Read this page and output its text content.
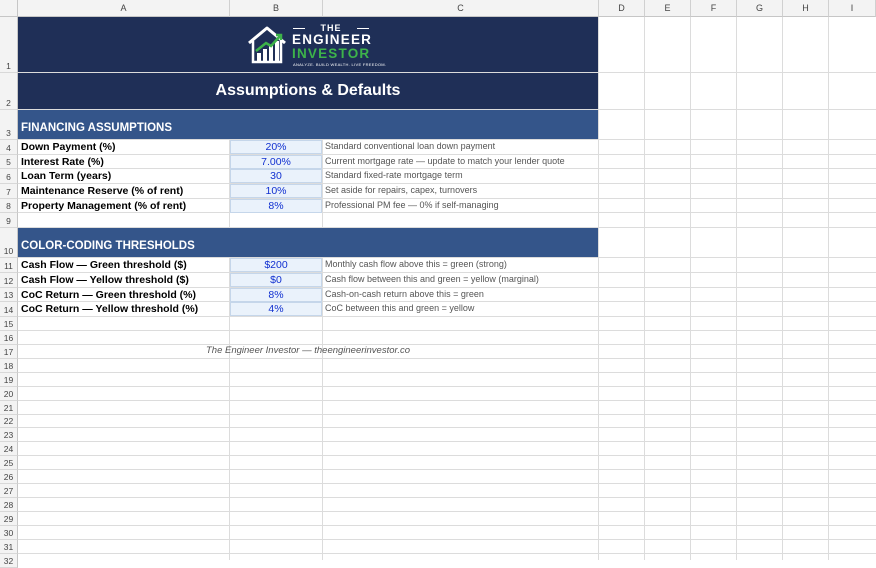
A	B	C	D	E	F	G	H	I
1
2
3
4
5
6
7
8
9
10
11
12
13
14
15
16
17
18
19
20
21
22
23
24
25
26
27
28
29
30
31
32
THE
ENGINEER
INVESTOR
ANALYZE. BUILD WEALTH. LIVE FREEDOM.
Assumptions & Defaults
FINANCING ASSUMPTIONS
Down Payment (%)	20%	Standard conventional loan down payment
Interest Rate (%)	7.00%	Current mortgage rate — update to match your lender quote
Loan Term (years)	30	Standard fixed-rate mortgage term
Maintenance Reserve (% of rent)	10%	Set aside for repairs, capex, turnovers
Property Management (% of rent)	8%	Professional PM fee — 0% if self-managing
COLOR-CODING THRESHOLDS
Cash Flow — Green threshold ($)	$200	Monthly cash flow above this = green (strong)
Cash Flow — Yellow threshold ($)	$0	Cash flow between this and green = yellow (marginal)
CoC Return — Green threshold (%)	8%	Cash-on-cash return above this = green
CoC Return — Yellow threshold (%)	4%	CoC between this and green = yellow
The Engineer Investor — theengineerinvestor.co
